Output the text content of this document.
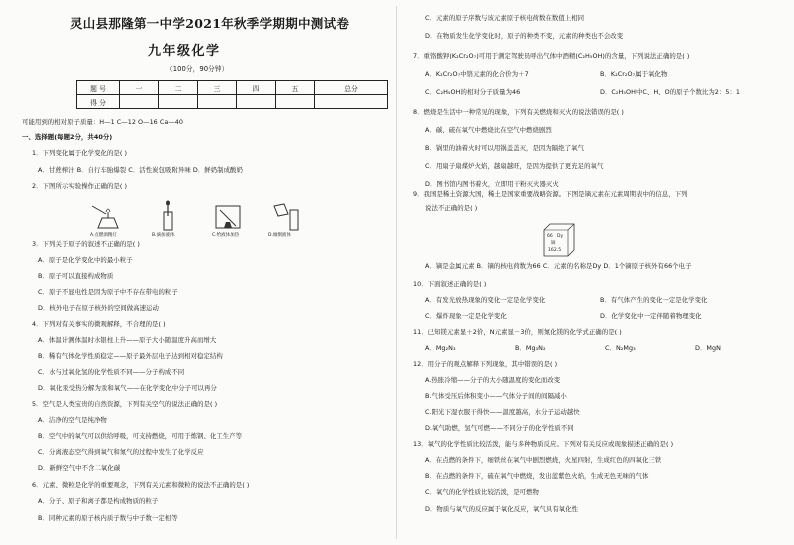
灵山县那隆第一中学2021年秋季学期期中测试卷
九年级化学
（100分，90分钟）
题 号	一	二	三	四	五	总分
得 分						
可能用到的相对原子质量：H—1 C—12 O—16 Ca—40
一、选择题(每题2分，共40分)
1．下列变化属于化学变化的是( )
A．甘蔗榨汁 B．自行车胎爆裂 C．活性炭包吸附异味 D．鲜奶制成酸奶
2．下图所示实验操作正确的是( )
A.点燃酒精灯	B.滴加液体	C.给液体加热	D.倾倒液体
3．下列关于原子的叙述不正确的是( )
A．原子是化学变化中的最小粒子
B．原子可以直接构成物质
C．原子不显电性是因为原子中不存在带电的粒子
D．核外电子在原子核外的空间做高速运动
4．下列对有关事实的微观解释，不合理的是( )
A．体温计测体温时水银柱上升——原子大小随温度升高而增大
B．稀有气体化学性质稳定——原子最外层电子达到相对稳定结构
C．水与过氧化氢的化学性质不同——分子构成不同
D．氧化汞受热分解为汞和氧气——在化学变化中分子可以再分
5．空气是人类宝贵的自然资源，下列有关空气的说法正确的是( )
A．洁净的空气是纯净物
B．空气中的氧气可以供给呼吸，可支持燃烧，可用于炼钢、化工生产等
C．分离液态空气得到氧气和氮气的过程中发生了化学反应
D．新鲜空气中不含二氧化碳
6．元素、微粒是化学的重要观念，下列有关元素和微粒的说法不正确的是( )
A．分子、原子和离子都是构成物质的粒子
B．同种元素的原子核内质子数与中子数一定相等
C．元素的原子序数与该元素原子核电荷数在数值上相同
D．在物质发生化学变化时，原子的种类不变，元素的种类也不会改变
7．重铬酸钾(K₂Cr₂O₇)可用于测定驾驶员呼出气体中酒精(C₂H₅OH)的含量，下列说法正确的是( )
A．K₂Cr₂O₇中铬元素的化合价为＋7	B．K₂Cr₂O₇属于氧化物
C．C₂H₅OH的相对分子质量为46	D．C₂H₅OH中C、H、O的原子个数比为2：5：1
8．燃烧是生活中一种常见的现象，下列有关燃烧和灭火的说法错误的是( )
A．碳、硫在氧气中燃烧比在空气中燃烧剧烈
B．锅里的油着火时可以用锅盖盖灭，是因为隔绝了氧气
C．用扇子扇煤炉火焰，越扇越旺，是因为提供了更充足的氧气
D．图书馆内图书着火，立即用干粉灭火器灭火
9．我国是稀土资源大国，稀土是国家重要战略资源。下图是镝元素在元素周期表中的信息，下列
说法不正确的是( )
66 Dy
镝
162.5
A．镝是金属元素 B．镝的核电荷数为66 C．元素的名称是Dy D．1个镝原子核外有66个电子
10．下面叙述正确的是( )
A．有发光放热现象的变化一定是化学变化	B．有气体产生的变化一定是化学变化
C．爆炸现象一定是化学变化	D．化学变化中一定伴随着物理变化
11．已知镁元素显＋2价，N元素显－3价，则氮化镁的化学式正确的是( )
A．Mg₂N₃	B．Mg₃N₂	C．N₂Mg₃	D．MgN
12．用分子的观点解释下列现象，其中错误的是( )
A.热胀冷缩——分子的大小随温度的变化而改变
B.气体受压后体积变小——气体分子间的间隔减小
C.阳光下湿衣服干得快——温度越高，水分子运动越快
D.氧气助燃，氢气可燃——不同分子的化学性质不同
13．氧气的化学性质比较活泼，能与多种物质反应。下列对有关反应或现象描述正确的是( )
A．在点燃的条件下，细铁丝在氧气中剧烈燃烧，火星四射，生成红色的四氧化三铁
B．在点燃的条件下，硫在氧气中燃烧，发出蓝紫色火焰，生成无色无味的气体
C．氧气的化学性质比较活泼，是可燃物
D．物质与氧气的反应属于氧化反应，氧气具有氧化性
